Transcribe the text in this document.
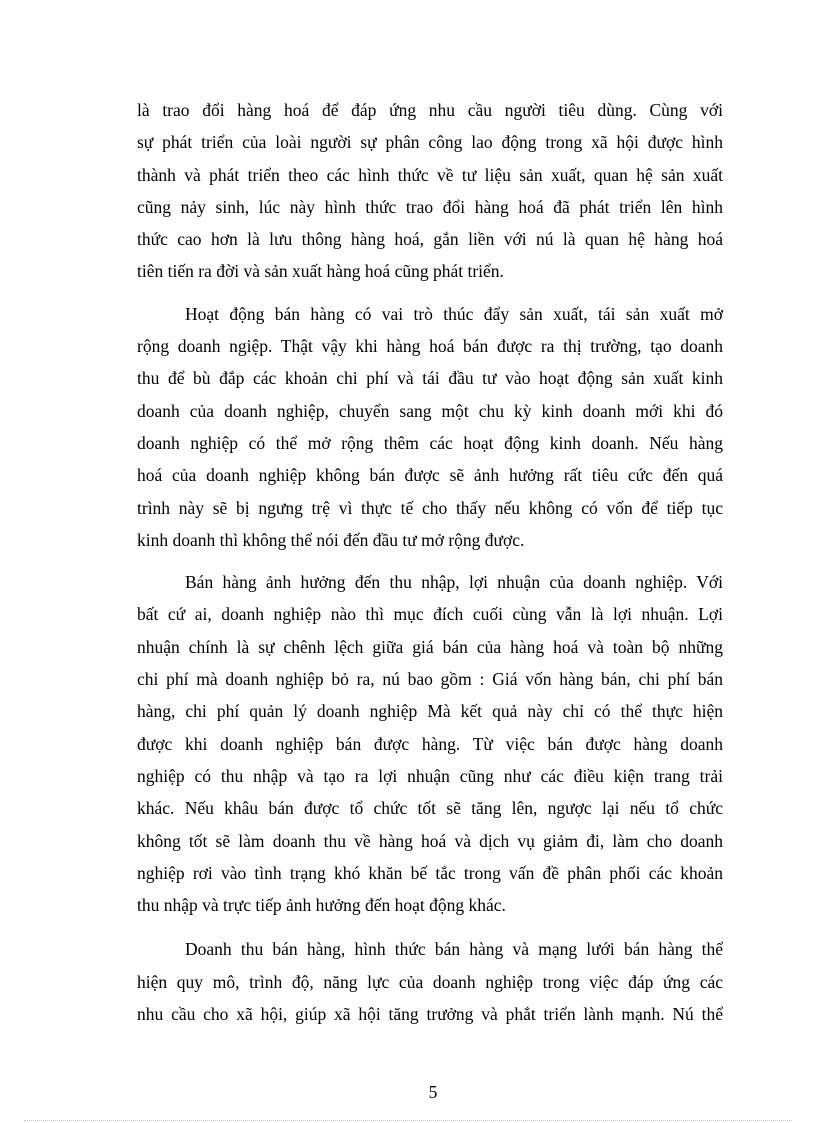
là trao đổi hàng hoá để đáp ứng nhu cầu người tiêu dùng. Cùng với
sự phát triển của loài người sự phân công lao động trong xã hội được hình
thành và phát triển theo các hình thức về tư liệu sản xuất, quan hệ sản xuất
cũng nảy sinh, lúc này hình thức trao đổi hàng hoá đã phát triển lên hình
thức cao hơn là lưu thông hàng hoá, gắn liền với nú là quan hệ hàng hoá
tiên tiến ra đời và sản xuất hàng hoá cũng phát triển.

Hoạt động bán hàng có vai trò thúc đẩy sản xuất, tái sản xuất mở
rộng doanh ngiệp. Thật vậy khi hàng hoá bán được ra thị trường, tạo doanh
thu để bù đắp các khoản chi phí và tái đầu tư vào hoạt động sản xuất kinh
doanh của doanh nghiệp, chuyển sang một chu kỳ kinh doanh mới khi đó
doanh nghiệp có thể mở rộng thêm các hoạt động kinh doanh. Nếu hàng
hoá của doanh nghiệp không bán được sẽ ảnh hưởng rất tiêu cức đến quá
trình này sẽ bị ngưng trệ vì thực tế cho thấy nếu không có vốn để tiếp tục
kinh doanh thì không thể nói đến đầu tư mở rộng được.

Bán hàng ảnh hưởng đến thu nhập, lợi nhuận của doanh nghiệp. Với
bất cứ ai, doanh nghiệp nào thì mục đích cuối cùng vẫn là lợi nhuận. Lợi
nhuận chính là sự chênh lệch giữa giá bán của hàng hoá và toàn bộ những
chi phí mà doanh nghiệp bỏ ra, nú bao gồm : Giá vốn hàng bán, chi phí bán
hàng, chi phí quản lý doanh nghiệp Mà kết quả này chỉ có thể thực hiện
được khi doanh nghiệp bán được hàng. Từ việc bán được hàng doanh
nghiệp có thu nhập và tạo ra lợi nhuận cũng như các điều kiện trang trải
khác. Nếu khâu bán được tổ chức tốt sẽ tăng lên, ngược lại nếu tổ chức
không tốt sẽ làm doanh thu về hàng hoá và dịch vụ giảm đi, làm cho doanh
nghiệp rơi vào tình trạng khó khăn bế tắc trong vấn đề phân phối các khoản
thu nhập và trực tiếp ảnh hưởng đến hoạt động khác.

Doanh thu bán hàng, hình thức bán hàng và mạng lưới bán hàng thể
hiện quy mô, trình độ, năng lực của doanh nghiệp trong việc đáp ứng các
nhu cầu cho xã hội, giúp xã hội tăng trưởng và phắt triển lành mạnh. Nú thể

5
